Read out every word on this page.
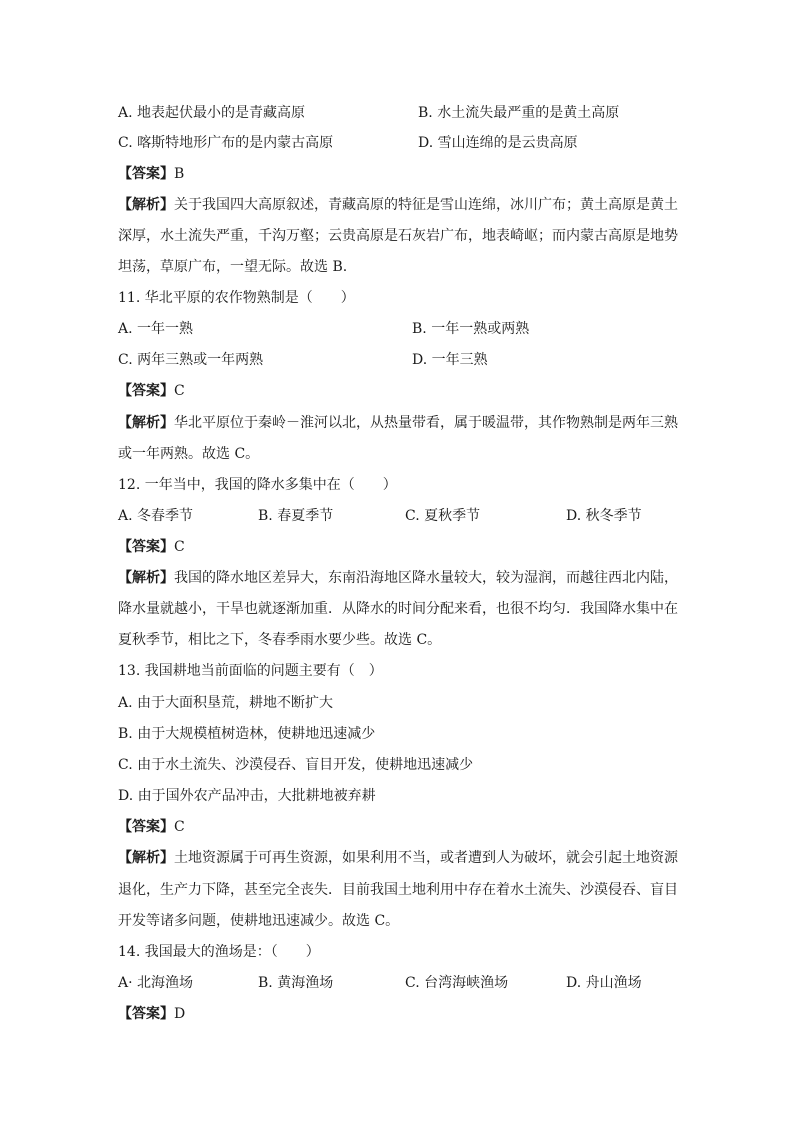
A. 地表起伏最小的是青藏高原	B. 水土流失最严重的是黄土高原
C. 喀斯特地形广布的是内蒙古高原	D. 雪山连绵的是云贵高原
【答案】B
【解析】关于我国四大高原叙述，青藏高原的特征是雪山连绵，冰川广布；黄土高原是黄土
深厚，水土流失严重，千沟万壑；云贵高原是石灰岩广布，地表崎岖；而内蒙古高原是地势
坦荡，草原广布，一望无际。故选 B.
11. 华北平原的农作物熟制是（　　）
A. 一年一熟	B. 一年一熟或两熟
C. 两年三熟或一年两熟	D. 一年三熟
【答案】C
【解析】华北平原位于秦岭－淮河以北，从热量带看，属于暖温带，其作物熟制是两年三熟
或一年两熟。故选 C。
12. 一年当中，我国的降水多集中在（　　）
A. 冬春季节	B. 春夏季节	C. 夏秋季节	D. 秋冬季节
【答案】C
【解析】我国的降水地区差异大，东南沿海地区降水量较大，较为湿润，而越往西北内陆，
降水量就越小，干旱也就逐渐加重．从降水的时间分配来看，也很不均匀．我国降水集中在
夏秋季节，相比之下，冬春季雨水要少些。故选 C。
13. 我国耕地当前面临的问题主要有（　）
A. 由于大面积垦荒，耕地不断扩大
B. 由于大规模植树造林，使耕地迅速减少
C. 由于水土流失、沙漠侵吞、盲目开发，使耕地迅速减少
D. 由于国外农产品冲击，大批耕地被弃耕
【答案】C
【解析】土地资源属于可再生资源，如果利用不当，或者遭到人为破坏，就会引起土地资源
退化，生产力下降，甚至完全丧失．目前我国土地利用中存在着水土流失、沙漠侵吞、盲目
开发等诸多问题，使耕地迅速减少。故选 C。
14. 我国最大的渔场是：（　　）
A· 北海渔场	B. 黄海渔场	C. 台湾海峡渔场	D. 舟山渔场
【答案】D
